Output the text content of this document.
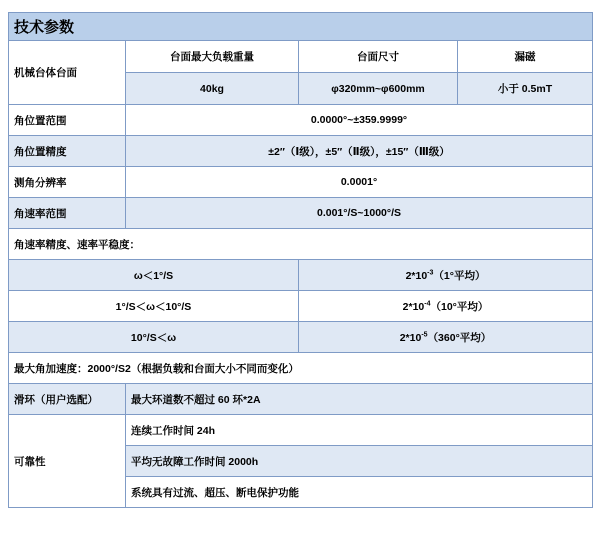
技术参数			
机械台体台面	台面最大负载重量	台面尺寸	漏磁
	40kg	φ320mm~φ600mm	小于 0.5mT
角位置范围	0.0000°~±359.9999°		
角位置精度	±2″（Ⅰ级），±5″（Ⅱ级），±15″（Ⅲ级）		
测角分辨率	0.0001°		
角速率范围	0.001°/S~1000°/S		
角速率精度、速率平稳度：			
ω＜1°/S		$2*10^{-3}(1^\circ$平均）	
1°/S＜ω＜10°/S		$2*10^{-4}(10^\circ$平均）	
10°/S＜ω		$2*10^{-5}(360^\circ$平均）	
最大角加速度：2000°/S2（根据负载和台面大小不同而变化）			
滑环（用户选配）	最大环道数不超过 60 环*2A		
可靠性	连续工作时间 24h		
	平均无故障工作时间 2000h		
	系统具有过流、超压、断电保护功能		
